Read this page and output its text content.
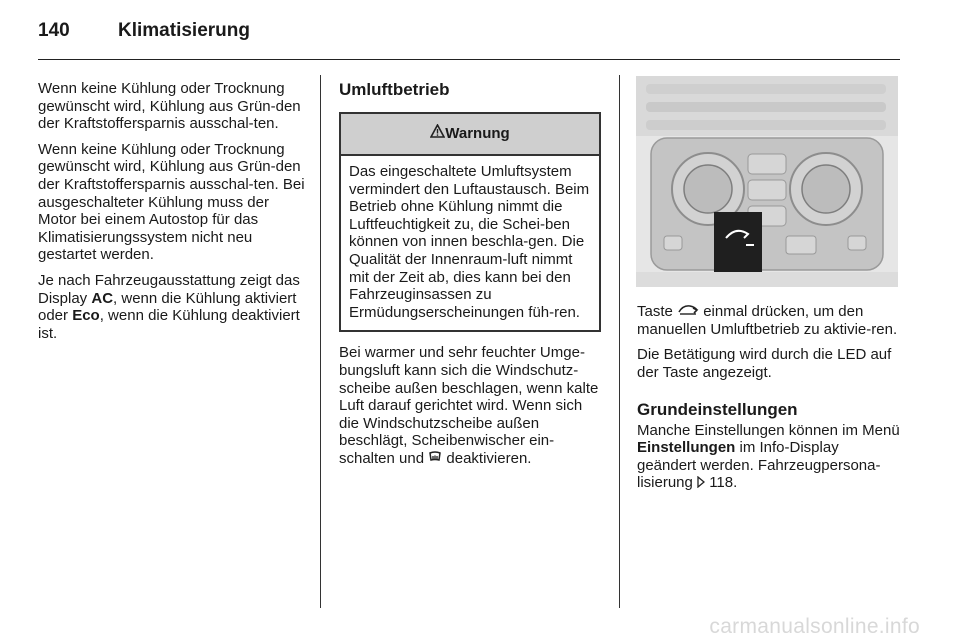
140	Klimatisierung

Wenn keine Kühlung oder Trocknung gewünscht wird, Kühlung aus Grün-den der Kraftstoffersparnis ausschal-ten.

Wenn keine Kühlung oder Trocknung gewünscht wird, Kühlung aus Grün-den der Kraftstoffersparnis ausschal-ten. Bei ausgeschalteter Kühlung muss der Motor bei einem Autostop für das Klimatisierungssystem nicht neu gestartet werden.

Je nach Fahrzeugausstattung zeigt das Display AC, wenn die Kühlung aktiviert oder Eco, wenn die Kühlung deaktiviert ist.

Umluftbetrieb
Warnung
Das eingeschaltete Umluftsystem vermindert den Luftaustausch. Beim Betrieb ohne Kühlung nimmt die Luftfeuchtigkeit zu, die Schei-ben können von innen beschla-gen. Die Qualität der Innenraum-luft nimmt mit der Zeit ab, dies kann bei den Fahrzeuginsassen zu Ermüdungserscheinungen füh-ren.

Bei warmer und sehr feuchter Umge-bungsluft kann sich die Windschutz-scheibe außen beschlagen, wenn kalte Luft darauf gerichtet wird. Wenn sich die Windschutzscheibe außen beschlägt, Scheibenwischer ein-schalten und  deaktivieren.

Taste  einmal drücken, um den manuellen Umluftbetrieb zu aktivie-ren.

Die Betätigung wird durch die LED auf der Taste angezeigt.

Grundeinstellungen

Manche Einstellungen können im Menü Einstellungen im Info-Display geändert werden. Fahrzeugpersona-lisierung  118.

carmanualsonline.info
